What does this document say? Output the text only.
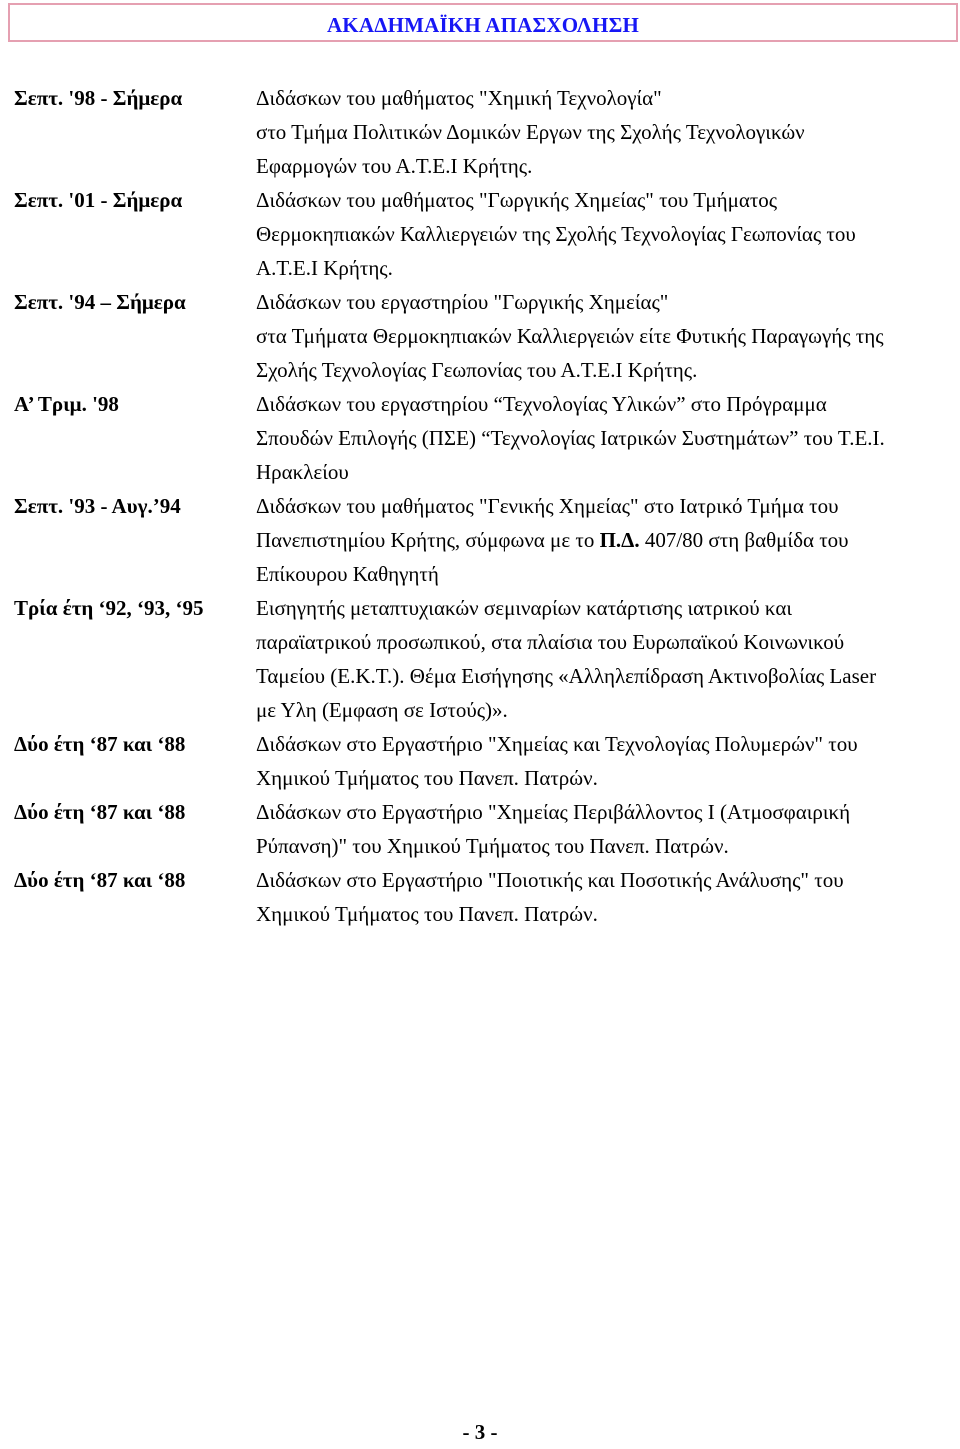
ΑΚΑΔΗΜΑΪΚΗ ΑΠΑΣΧΟΛΗΣΗ
Σεπτ. '98 - Σήμερα	Διδάσκων του μαθήματος "Χημική Τεχνολογία"
στο Τμήμα Πολιτικών Δομικών Εργων της Σχολής Τεχνολογικών
Εφαρμογών του Α.Τ.Ε.Ι Κρήτης.
Σεπτ. '01 - Σήμερα	Διδάσκων του μαθήματος "Γωργικής Χημείας" του Τμήματος
Θερμοκηπιακών Καλλιεργειών της Σχολής Τεχνολογίας Γεωπονίας του
Α.Τ.Ε.Ι Κρήτης.
Σεπτ. '94 – Σήμερα	Διδάσκων του εργαστηρίου "Γωργικής Χημείας"
στα Τμήματα Θερμοκηπιακών Καλλιεργειών είτε Φυτικής Παραγωγής της
Σχολής Τεχνολογίας Γεωπονίας του Α.Τ.Ε.Ι Κρήτης.
Α’ Τριμ. '98	Διδάσκων του εργαστηρίου “Τεχνολογίας Υλικών” στο Πρόγραμμα
Σπουδών Επιλογής (ΠΣΕ) “Τεχνολογίας Ιατρικών Συστημάτων” του Τ.Ε.Ι.
Ηρακλείου
Σεπτ. '93 - Αυγ.’94	Διδάσκων του μαθήματος "Γενικής Χημείας" στο Ιατρικό Τμήμα του
Πανεπιστημίου Κρήτης, σύμφωνα με το Π.Δ. 407/80 στη βαθμίδα του
Επίκουρου Καθηγητή
Τρία έτη ‘92, ‘93, ‘95	Εισηγητής μεταπτυχιακών σεμιναρίων κατάρτισης ιατρικού και
παραϊατρικού προσωπικού, στα πλαίσια του Ευρωπαϊκού Κοινωνικού
Ταμείου (Ε.Κ.Τ.). Θέμα Εισήγησης «Αλληλεπίδραση Ακτινοβολίας Laser
με Υλη (Εμφαση σε Ιστούς)».
Δύο έτη ‘87 και ‘88	Διδάσκων στο Εργαστήριο "Χημείας και Τεχνολογίας Πολυμερών" του
Χημικού Τμήματος του Πανεπ. Πατρών.
Δύο έτη ‘87 και ‘88	Διδάσκων στο Εργαστήριο "Χημείας Περιβάλλοντος Ι (Ατμοσφαιρική
Ρύπανση)" του Χημικού Τμήματος του Πανεπ. Πατρών.
Δύο έτη ‘87 και ‘88	Διδάσκων στο Εργαστήριο "Ποιοτικής και Ποσοτικής Ανάλυσης" του
Χημικού Τμήματος του Πανεπ. Πατρών.
- 3 -
